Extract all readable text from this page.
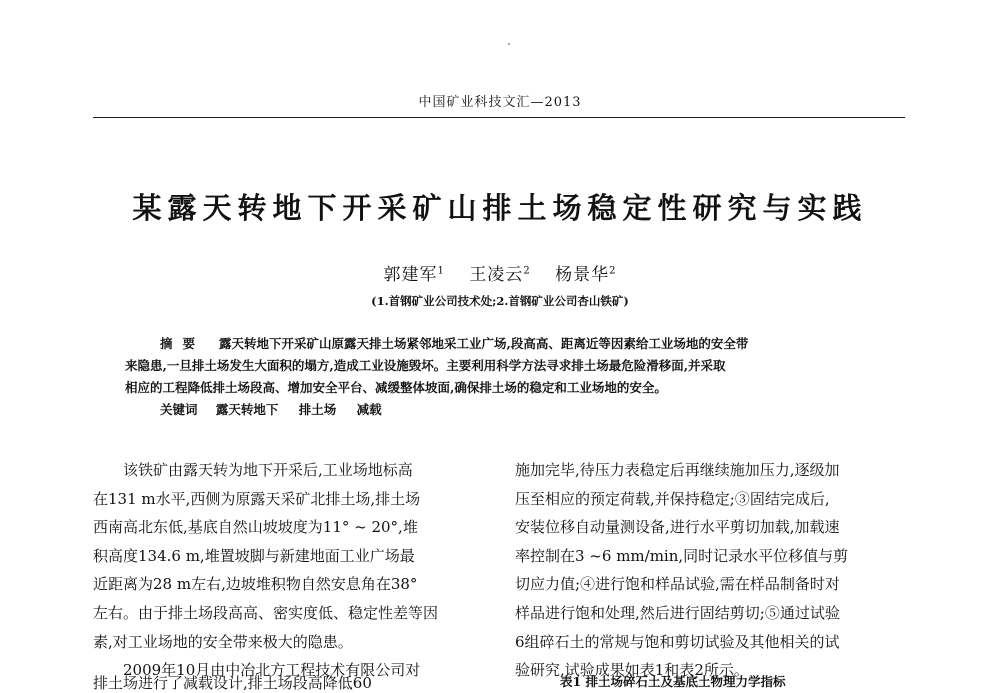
中国矿业科技文汇—2013
某露天转地下开采矿山排土场稳定性研究与实践
郭建军$^1$ 王凌云$^2$ 杨景华$^2$
(1.首钢矿业公司技术处;2.首钢矿业公司杏山铁矿)

摘要 露天转地下开采矿山原露天排土场紧邻地采工业广场,段高高、距离近等因素给工业场地的安全带

来隐患,一旦排土场发生大面积的塌方,造成工业设施毁坏。主要利用科学方法寻求排土场最危险滑移面,并采取

相应的工程降低排土场段高、增加安全平台、减缓整体坡面,确保排土场的稳定和工业场地的安全。

关键词 露天转地下 排土场 减载

该铁矿由露天转为地下开采后,工业场地标高

在131 m水平,西侧为原露天采矿北排土场,排土场

西南高北东低,基底自然山坡坡度为11° ~ 20°,堆

积高度134.6 m,堆置坡脚与新建地面工业广场最

近距离为28 m左右,边坡堆积物自然安息角在38°

左右。由于排土场段高高、密实度低、稳定性差等因

素,对工业场地的安全带来极大的隐患。

2009年10月由中冶北方工程技术有限公司对

排土场进行了减载设计,排土场段高降低60

施加完毕,待压力表稳定后再继续施加压力,逐级加

压至相应的预定荷载,并保持稳定;③固结完成后,

安装位移自动量测设备,进行水平剪切加载,加载速

率控制在3 ~6 mm/min,同时记录水平位移值与剪

切应力值;④进行饱和样品试验,需在样品制备时对

样品进行饱和处理,然后进行固结剪切;⑤通过试验

6组碎石土的常规与饱和剪切试验及其他相关的试

验研究,试验成果如表1和表2所示。

表1 排土场碎石土及基底土物理力学指标
